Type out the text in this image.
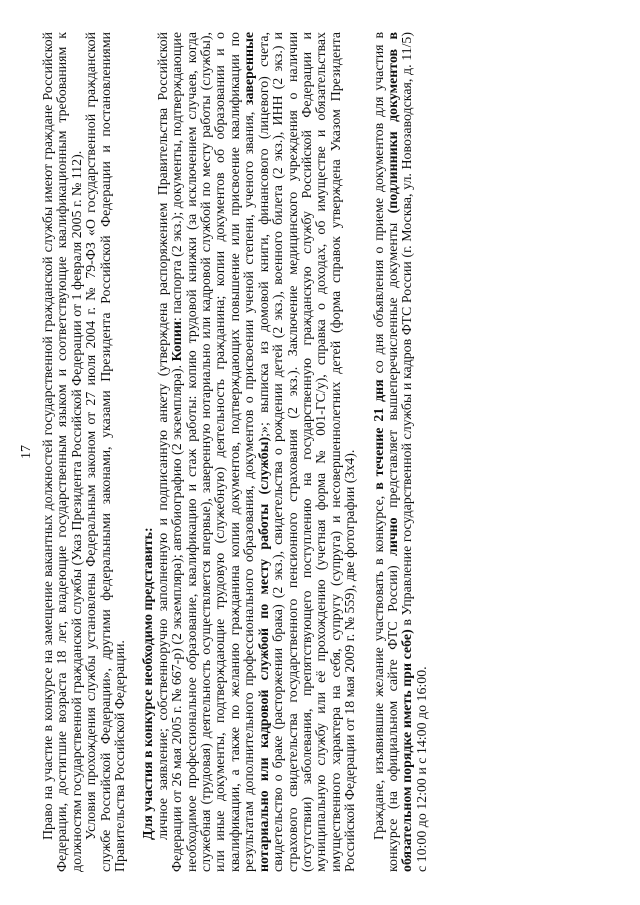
17 Право на участие в конкурсе на замещение вакантных должностей государственной гражданской службы имеют граждане Российской Федерации, достигшие возраста 18 лет, владеющие государственным языком и соответствующие квалификационным требованиям к должностям государственной гражданской службы (Указ Президента Российской Федерации от 1 февраля 2005 г. № 112). Условия прохождения службы установлены Федеральным законом от 27 июля 2004 г. № 79-ФЗ «О государственной гражданской службе Российской Федерации», другими федеральными законами, указами Президента Российской Федерации и постановлениями Правительства Российской Федерации. Для участия в конкурсе необходимо представить: личное заявление; собственноручно заполненную и подписанную анкету (утверждена распоряжением Правительства Российской Федерации от 26 мая 2005 г. № 667-р) (2 экземпляра); автобиографию (2 экземпляра). Копии: паспорта (2 экз.); документы, подтверждающие необходимое профессиональное образование, квалификацию и стаж работы: копию трудовой книжки (за исключением случаев, когда служебная (трудовая) деятельность осуществляется впервые), заверенную нотариально или кадровой службой по месту работы (службы), или иные документы, подтверждающие трудовую (служебную) деятельность гражданина; копии документов об образовании и о квалификации, а также по желанию гражданина копии документов, подтверждающих повышение или присвоение квалификации по результатам дополнительного профессионального образования, документов о присвоении ученой степени, ученого звания, заверенные нотариально или кадровой службой по месту работы (службы);»; выписка из домовой книги, финансового (лицевого) счета, свидетельство о браке (расторжении брака) (2 экз.), свидетельства о рождении детей (2 экз.), военного билета (2 экз.), ИНН (2 экз.) и страхового свидетельства государственного пенсионного страхования (2 экз.). Заключение медицинского учреждения о наличии (отсутствии) заболевания, препятствующего поступлению на государственную гражданскую службу Российской Федерации и муниципальную службу или её прохождению (учетная форма № 001-ГС/у), справка о доходах, об имуществе и обязательствах имущественного характера на себя, супругу (супруга) и несовершеннолетних детей (форма справок утверждена Указом Президента Российской Федерации от 18 мая 2009 г. № 559), две фотографии (3х4). Граждане, изъявившие желание участвовать в конкурсе, в течение 21 дня со дня объявления о приеме документов для участия в конкурсе (на официальном сайте ФТС России) лично представляет вышеперечисленные документы (подлинники документов в обязательном порядке иметь при себе) в Управление государственной службы и кадров ФТС России (г. Москва, ул. Новозаводская, д. 11/5) с 10:00 до 12:00 и с 14:00 до 16:00.
